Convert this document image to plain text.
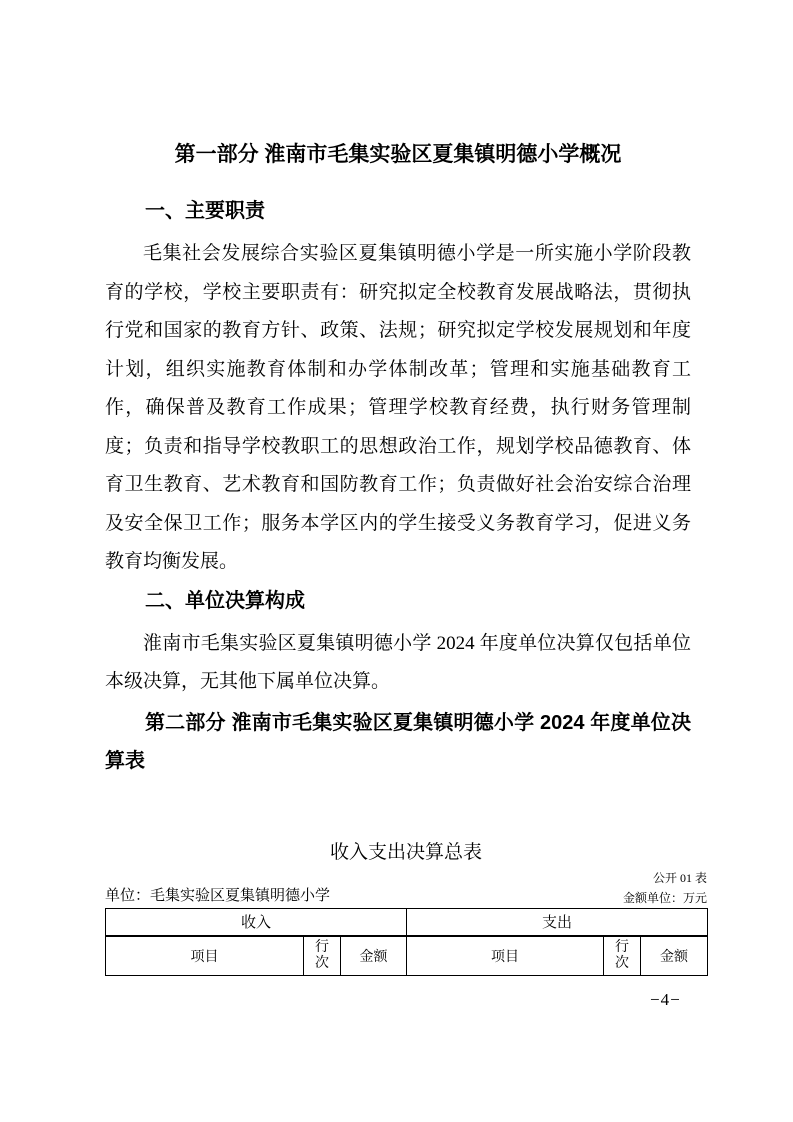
第一部分 淮南市毛集实验区夏集镇明德小学概况
一、主要职责

毛集社会发展综合实验区夏集镇明德小学是一所实施小学阶段教育的学校，学校主要职责有：研究拟定全校教育发展战略法，贯彻执行党和国家的教育方针、政策、法规；研究拟定学校发展规划和年度计划，组织实施教育体制和办学体制改革；管理和实施基础教育工作，确保普及教育工作成果；管理学校教育经费，执行财务管理制度；负责和指导学校教职工的思想政治工作，规划学校品德教育、体育卫生教育、艺术教育和国防教育工作；负责做好社会治安综合治理及安全保卫工作；服务本学区内的学生接受义务教育学习，促进义务教育均衡发展。

二、单位决算构成

淮南市毛集实验区夏集镇明德小学 2024 年度单位决算仅包括单位本级决算，无其他下属单位决算。

第二部分 淮南市毛集实验区夏集镇明德小学 2024 年度单位决算表
收入支出决算总表
公开 01 表
单位：毛集实验区夏集镇明德小学	金额单位：万元
收入			支出		
项目	行次	金额	项目	行次	金额
−4−
